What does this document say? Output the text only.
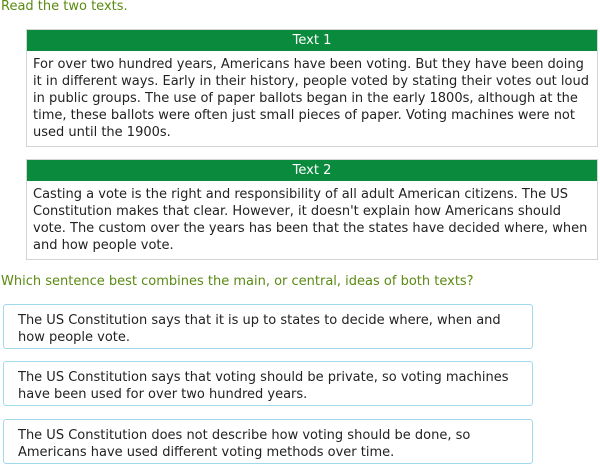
Read the two texts.
Text 1
For over two hundred years, Americans have been voting. But they have been doing it in different ways. Early in their history, people voted by stating their votes out loud in public groups. The use of paper ballots began in the early 1800s, although at the time, these ballots were often just small pieces of paper. Voting machines were not used until the 1900s.
Text 2
Casting a vote is the right and responsibility of all adult American citizens. The US Constitution makes that clear. However, it doesn't explain how Americans should vote. The custom over the years has been that the states have decided where, when and how people vote.
Which sentence best combines the main, or central, ideas of both texts?
The US Constitution says that it is up to states to decide where, when and how people vote.
The US Constitution says that voting should be private, so voting machines have been used for over two hundred years.
The US Constitution does not describe how voting should be done, so Americans have used different voting methods over time.
